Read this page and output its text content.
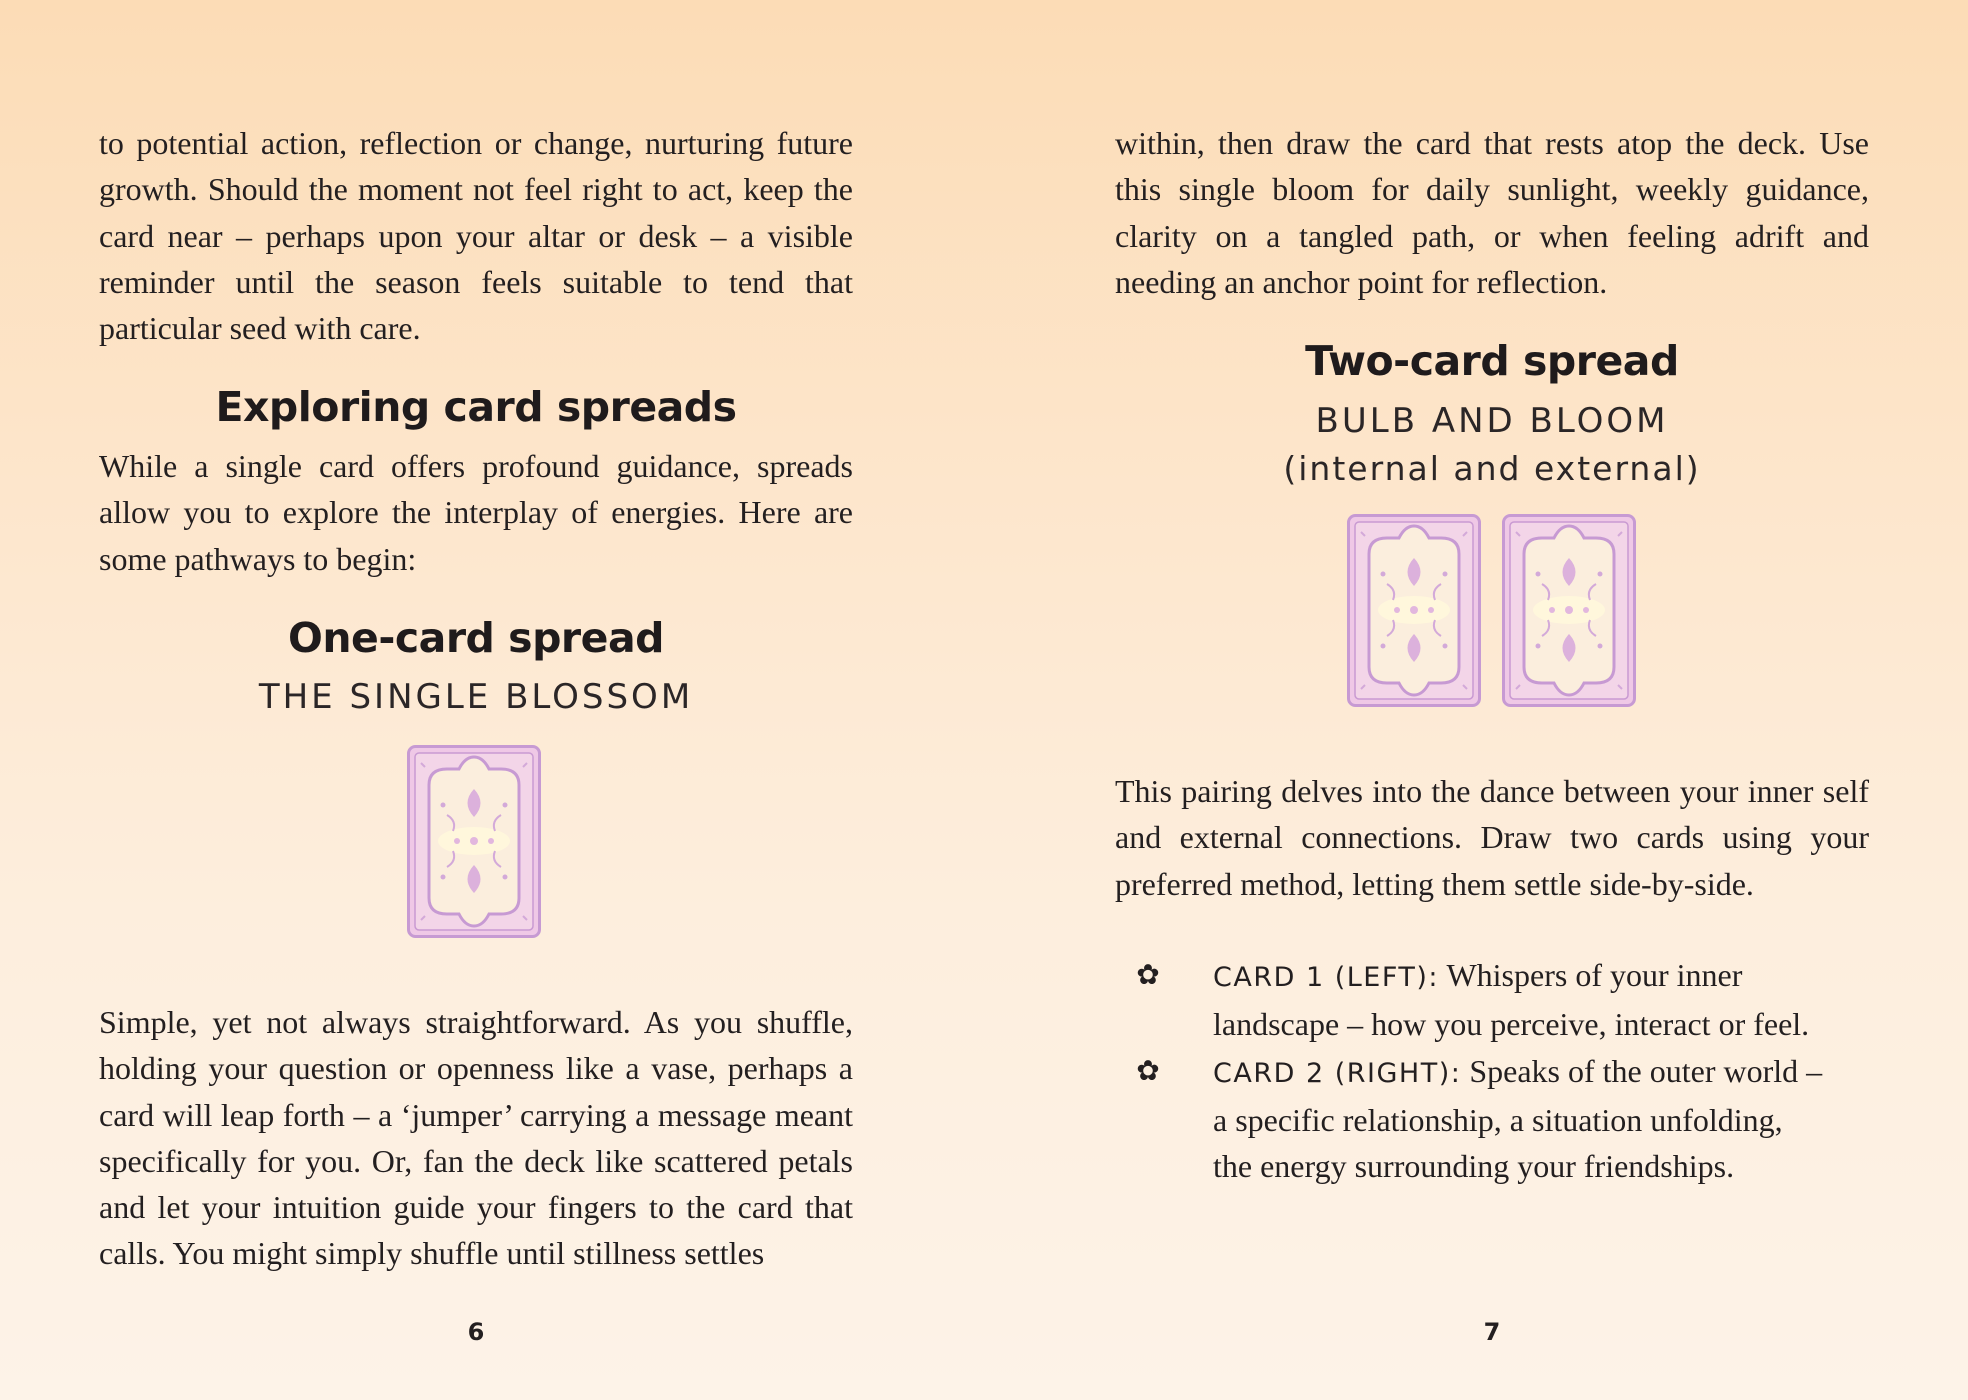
to potential action, reflection or change, nurturing future growth. Should the moment not feel right to act, keep the card near – perhaps upon your altar or desk – a visible reminder until the season feels suitable to tend that particular seed with care.

Exploring card spreads

While a single card offers profound guidance, spreads allow you to explore the interplay of energies. Here are some pathways to begin:

One-card spread
THE SINGLE BLOSSOM

Simple, yet not always straightforward. As you shuffle, holding your question or openness like a vase, perhaps a card will leap forth – a ‘jumper’ carrying a message meant specifically for you. Or, fan the deck like scattered petals and let your intuition guide your fingers to the card that calls. You might simply shuffle until stillness settles

6

within, then draw the card that rests atop the deck. Use this single bloom for daily sunlight, weekly guidance, clarity on a tangled path, or when feeling adrift and needing an anchor point for reflection.

Two-card spread
BULB AND BLOOM
(internal and external)

This pairing delves into the dance between your inner self and external connections. Draw two cards using your preferred method, letting them settle side-by-side.

✿ CARD 1 (LEFT): Whispers of your inner
landscape – how you perceive, interact or feel.
✿ CARD 2 (RIGHT): Speaks of the outer world –
a specific relationship, a situation unfolding,
the energy surrounding your friendships.
7
